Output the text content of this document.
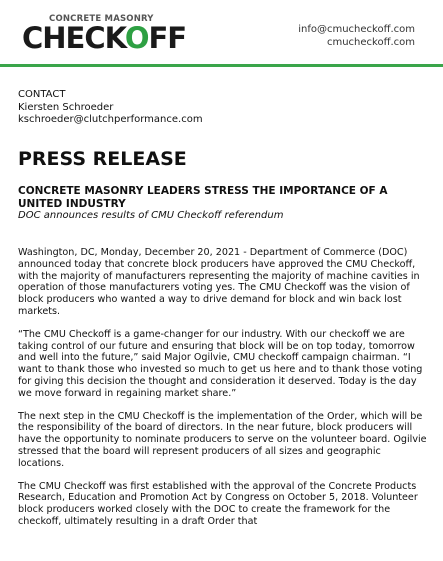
CONCRETE MASONRY
CHECKOFF	info@cmucheckoff.com
cmucheckoff.com
CONTACT
Kiersten Schroeder
kschroeder@clutchperformance.com
PRESS RELEASE
CONCRETE MASONRY LEADERS STRESS THE IMPORTANCE OF A UNITED INDUSTRY
DOC announces results of CMU Checkoff referendum

Washington, DC, Monday, December 20, 2021 - Department of Commerce (DOC) announced today that concrete block producers have approved the CMU Checkoff, with the majority of manufacturers representing the majority of machine cavities in operation of those manufacturers voting yes. The CMU Checkoff was the vision of block producers who wanted a way to drive demand for block and win back lost markets.

“The CMU Checkoff is a game-changer for our industry. With our checkoff we are taking control of our future and ensuring that block will be on top today, tomorrow and well into the future,” said Major Ogilvie, CMU checkoff campaign chairman. “I want to thank those who invested so much to get us here and to thank those voting for giving this decision the thought and consideration it deserved. Today is the day we move forward in regaining market share.”

The next step in the CMU Checkoff is the implementation of the Order, which will be the responsibility of the board of directors. In the near future, block producers will have the opportunity to nominate producers to serve on the volunteer board. Ogilvie stressed that the board will represent producers of all sizes and geographic locations.

The CMU Checkoff was first established with the approval of the Concrete Products Research, Education and Promotion Act by Congress on October 5, 2018. Volunteer block producers worked closely with the DOC to create the framework for the checkoff, ultimately resulting in a draft Order that
